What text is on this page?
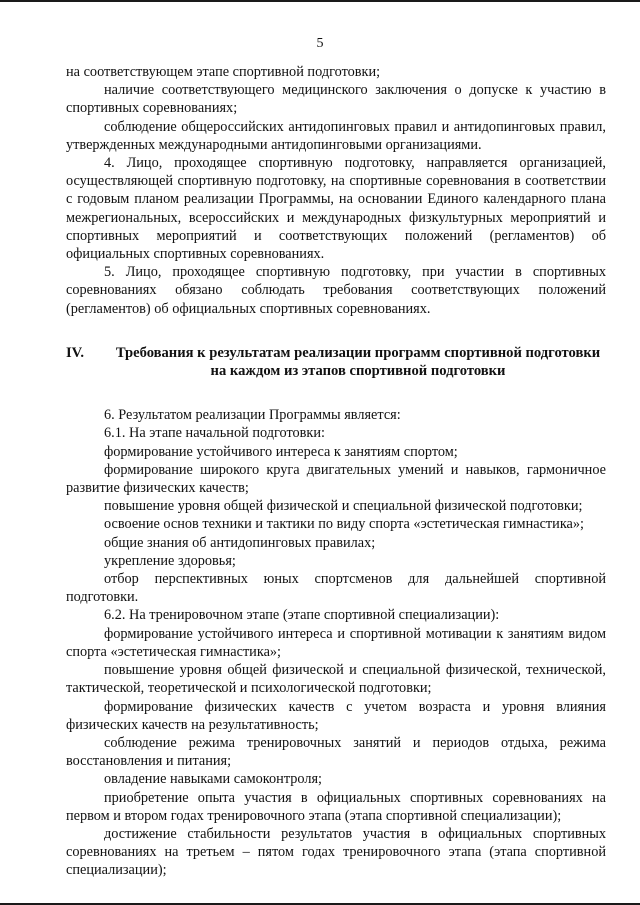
5

на соответствующем этапе спортивной подготовки;

наличие соответствующего медицинского заключения о допуске к участию в спортивных соревнованиях;

соблюдение общероссийских антидопинговых правил и антидопинговых правил, утвержденных международными антидопинговыми организациями.

4. Лицо, проходящее спортивную подготовку, направляется организацией, осуществляющей спортивную подготовку, на спортивные соревнования в соответствии с годовым планом реализации Программы, на основании Единого календарного плана межрегиональных, всероссийских и международных физкультурных мероприятий и спортивных мероприятий и соответствующих положений (регламентов) об официальных спортивных соревнованиях.

5. Лицо, проходящее спортивную подготовку, при участии в спортивных соревнованиях обязано соблюдать требования соответствующих положений (регламентов) об официальных спортивных соревнованиях.

IV.	Требования к результатам реализации программ спортивной подготовки на каждом из этапов спортивной подготовки

6. Результатом реализации Программы является:

6.1. На этапе начальной подготовки:

формирование устойчивого интереса к занятиям спортом;

формирование широкого круга двигательных умений и навыков, гармоничное развитие физических качеств;

повышение уровня общей физической и специальной физической подготовки;

освоение основ техники и тактики по виду спорта «эстетическая гимнастика»;

общие знания об антидопинговых правилах;

укрепление здоровья;

отбор перспективных юных спортсменов для дальнейшей спортивной подготовки.

6.2. На тренировочном этапе (этапе спортивной специализации):

формирование устойчивого интереса и спортивной мотивации к занятиям видом спорта «эстетическая гимнастика»;

повышение уровня общей физической и специальной физической, технической, тактической, теоретической и психологической подготовки;

формирование физических качеств с учетом возраста и уровня влияния физических качеств на результативность;

соблюдение режима тренировочных занятий и периодов отдыха, режима восстановления и питания;

овладение навыками самоконтроля;

приобретение опыта участия в официальных спортивных соревнованиях на первом и втором годах тренировочного этапа (этапа спортивной специализации);

достижение стабильности результатов участия в официальных спортивных соревнованиях на третьем – пятом годах тренировочного этапа (этапа спортивной специализации);
